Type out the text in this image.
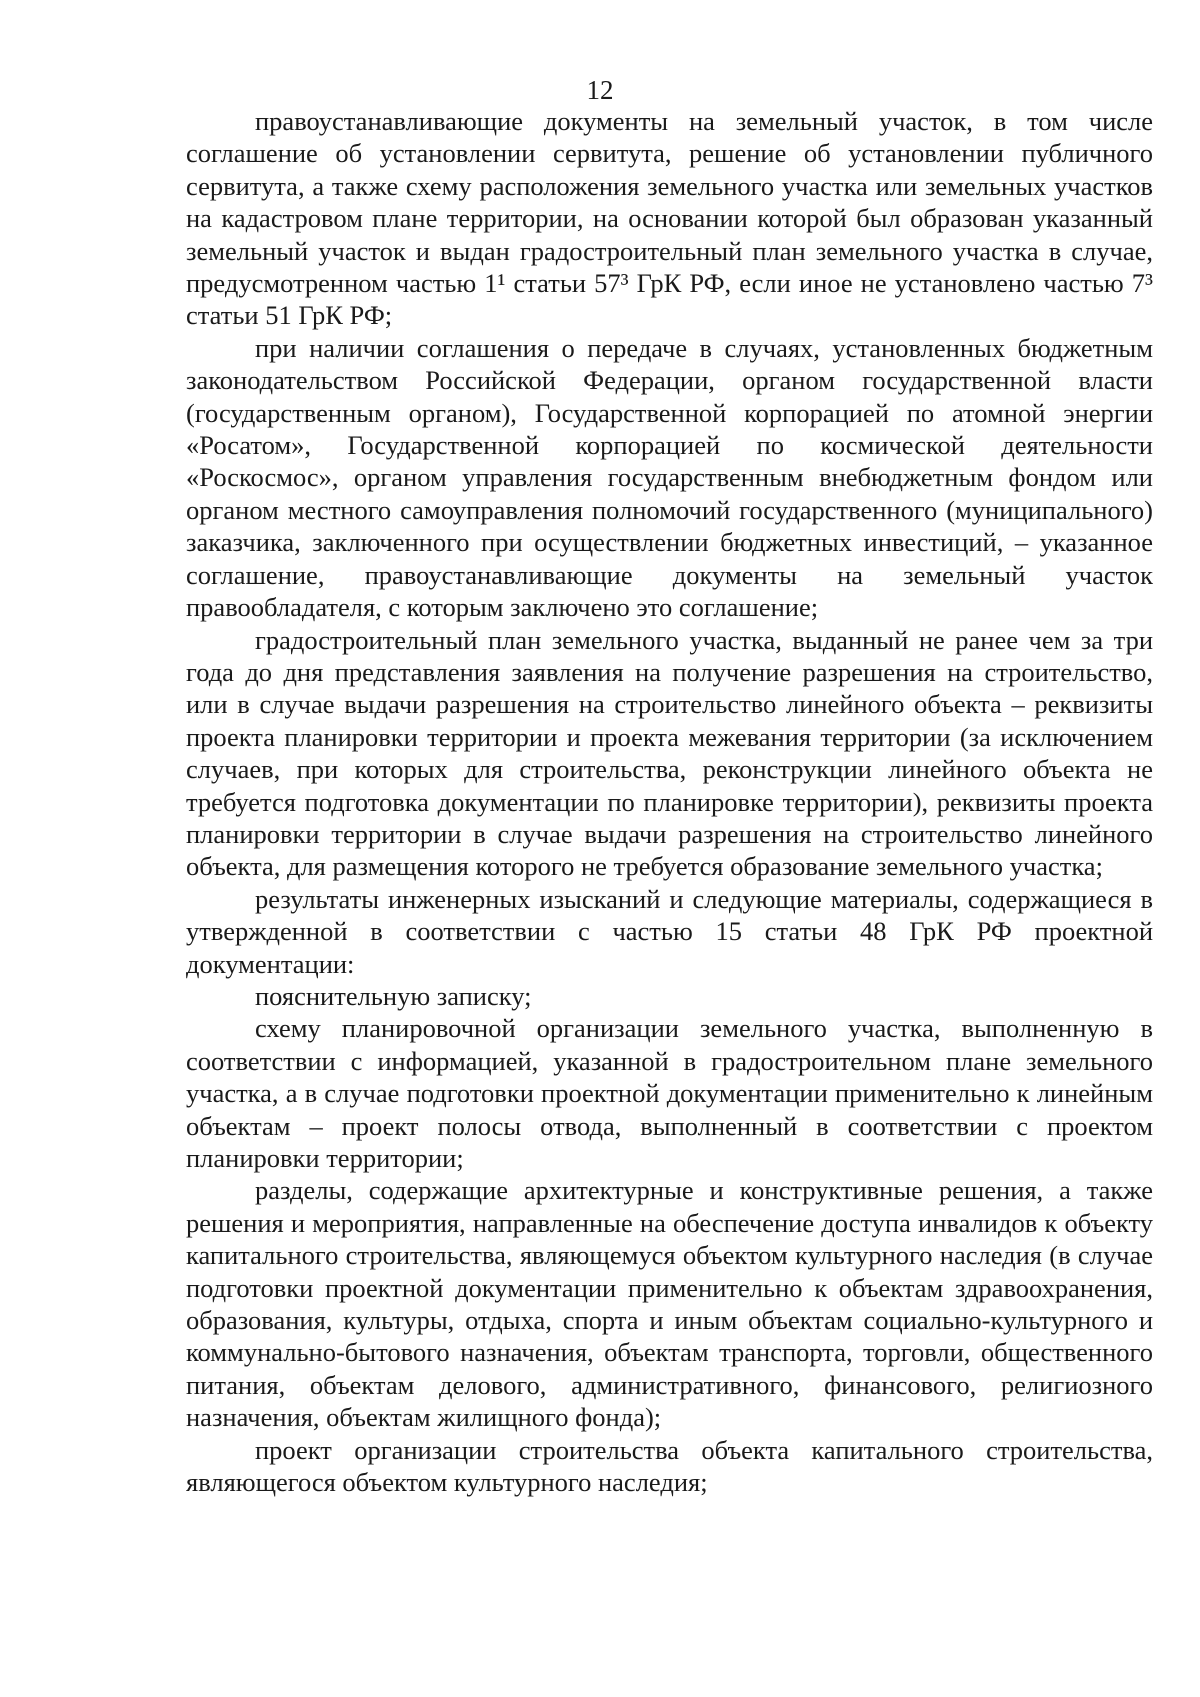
12

правоустанавливающие документы на земельный участок, в том числе соглашение об установлении сервитута, решение об установлении публичного сервитута, а также схему расположения земельного участка или земельных участков на кадастровом плане территории, на основании которой был образован указанный земельный участок и выдан градостроительный план земельного участка в случае, предусмотренном частью 1¹ статьи 57³ ГрК РФ, если иное не установлено частью 7³ статьи 51 ГрК РФ;

при наличии соглашения о передаче в случаях, установленных бюджетным законодательством Российской Федерации, органом государственной власти (государственным органом), Государственной корпорацией по атомной энергии «Росатом», Государственной корпорацией по космической деятельности «Роскосмос», органом управления государственным внебюджетным фондом или органом местного самоуправления полномочий государственного (муниципального) заказчика, заключенного при осуществлении бюджетных инвестиций, – указанное соглашение, правоустанавливающие документы на земельный участок правообладателя, с которым заключено это соглашение;

градостроительный план земельного участка, выданный не ранее чем за три года до дня представления заявления на получение разрешения на строительство, или в случае выдачи разрешения на строительство линейного объекта – реквизиты проекта планировки территории и проекта межевания территории (за исключением случаев, при которых для строительства, реконструкции линейного объекта не требуется подготовка документации по планировке территории), реквизиты проекта планировки территории в случае выдачи разрешения на строительство линейного объекта, для размещения которого не требуется образование земельного участка;

результаты инженерных изысканий и следующие материалы, содержащиеся в утвержденной в соответствии с частью 15 статьи 48 ГрК РФ проектной документации:

пояснительную записку;

схему планировочной организации земельного участка, выполненную в соответствии с информацией, указанной в градостроительном плане земельного участка, а в случае подготовки проектной документации применительно к линейным объектам – проект полосы отвода, выполненный в соответствии с проектом планировки территории;

разделы, содержащие архитектурные и конструктивные решения, а также решения и мероприятия, направленные на обеспечение доступа инвалидов к объекту капитального строительства, являющемуся объектом культурного наследия (в случае подготовки проектной документации применительно к объектам здравоохранения, образования, культуры, отдыха, спорта и иным объектам социально-культурного и коммунально-бытового назначения, объектам транспорта, торговли, общественного питания, объектам делового, административного, финансового, религиозного назначения, объектам жилищного фонда);

проект организации строительства объекта капитального строительства, являющегося объектом культурного наследия;
